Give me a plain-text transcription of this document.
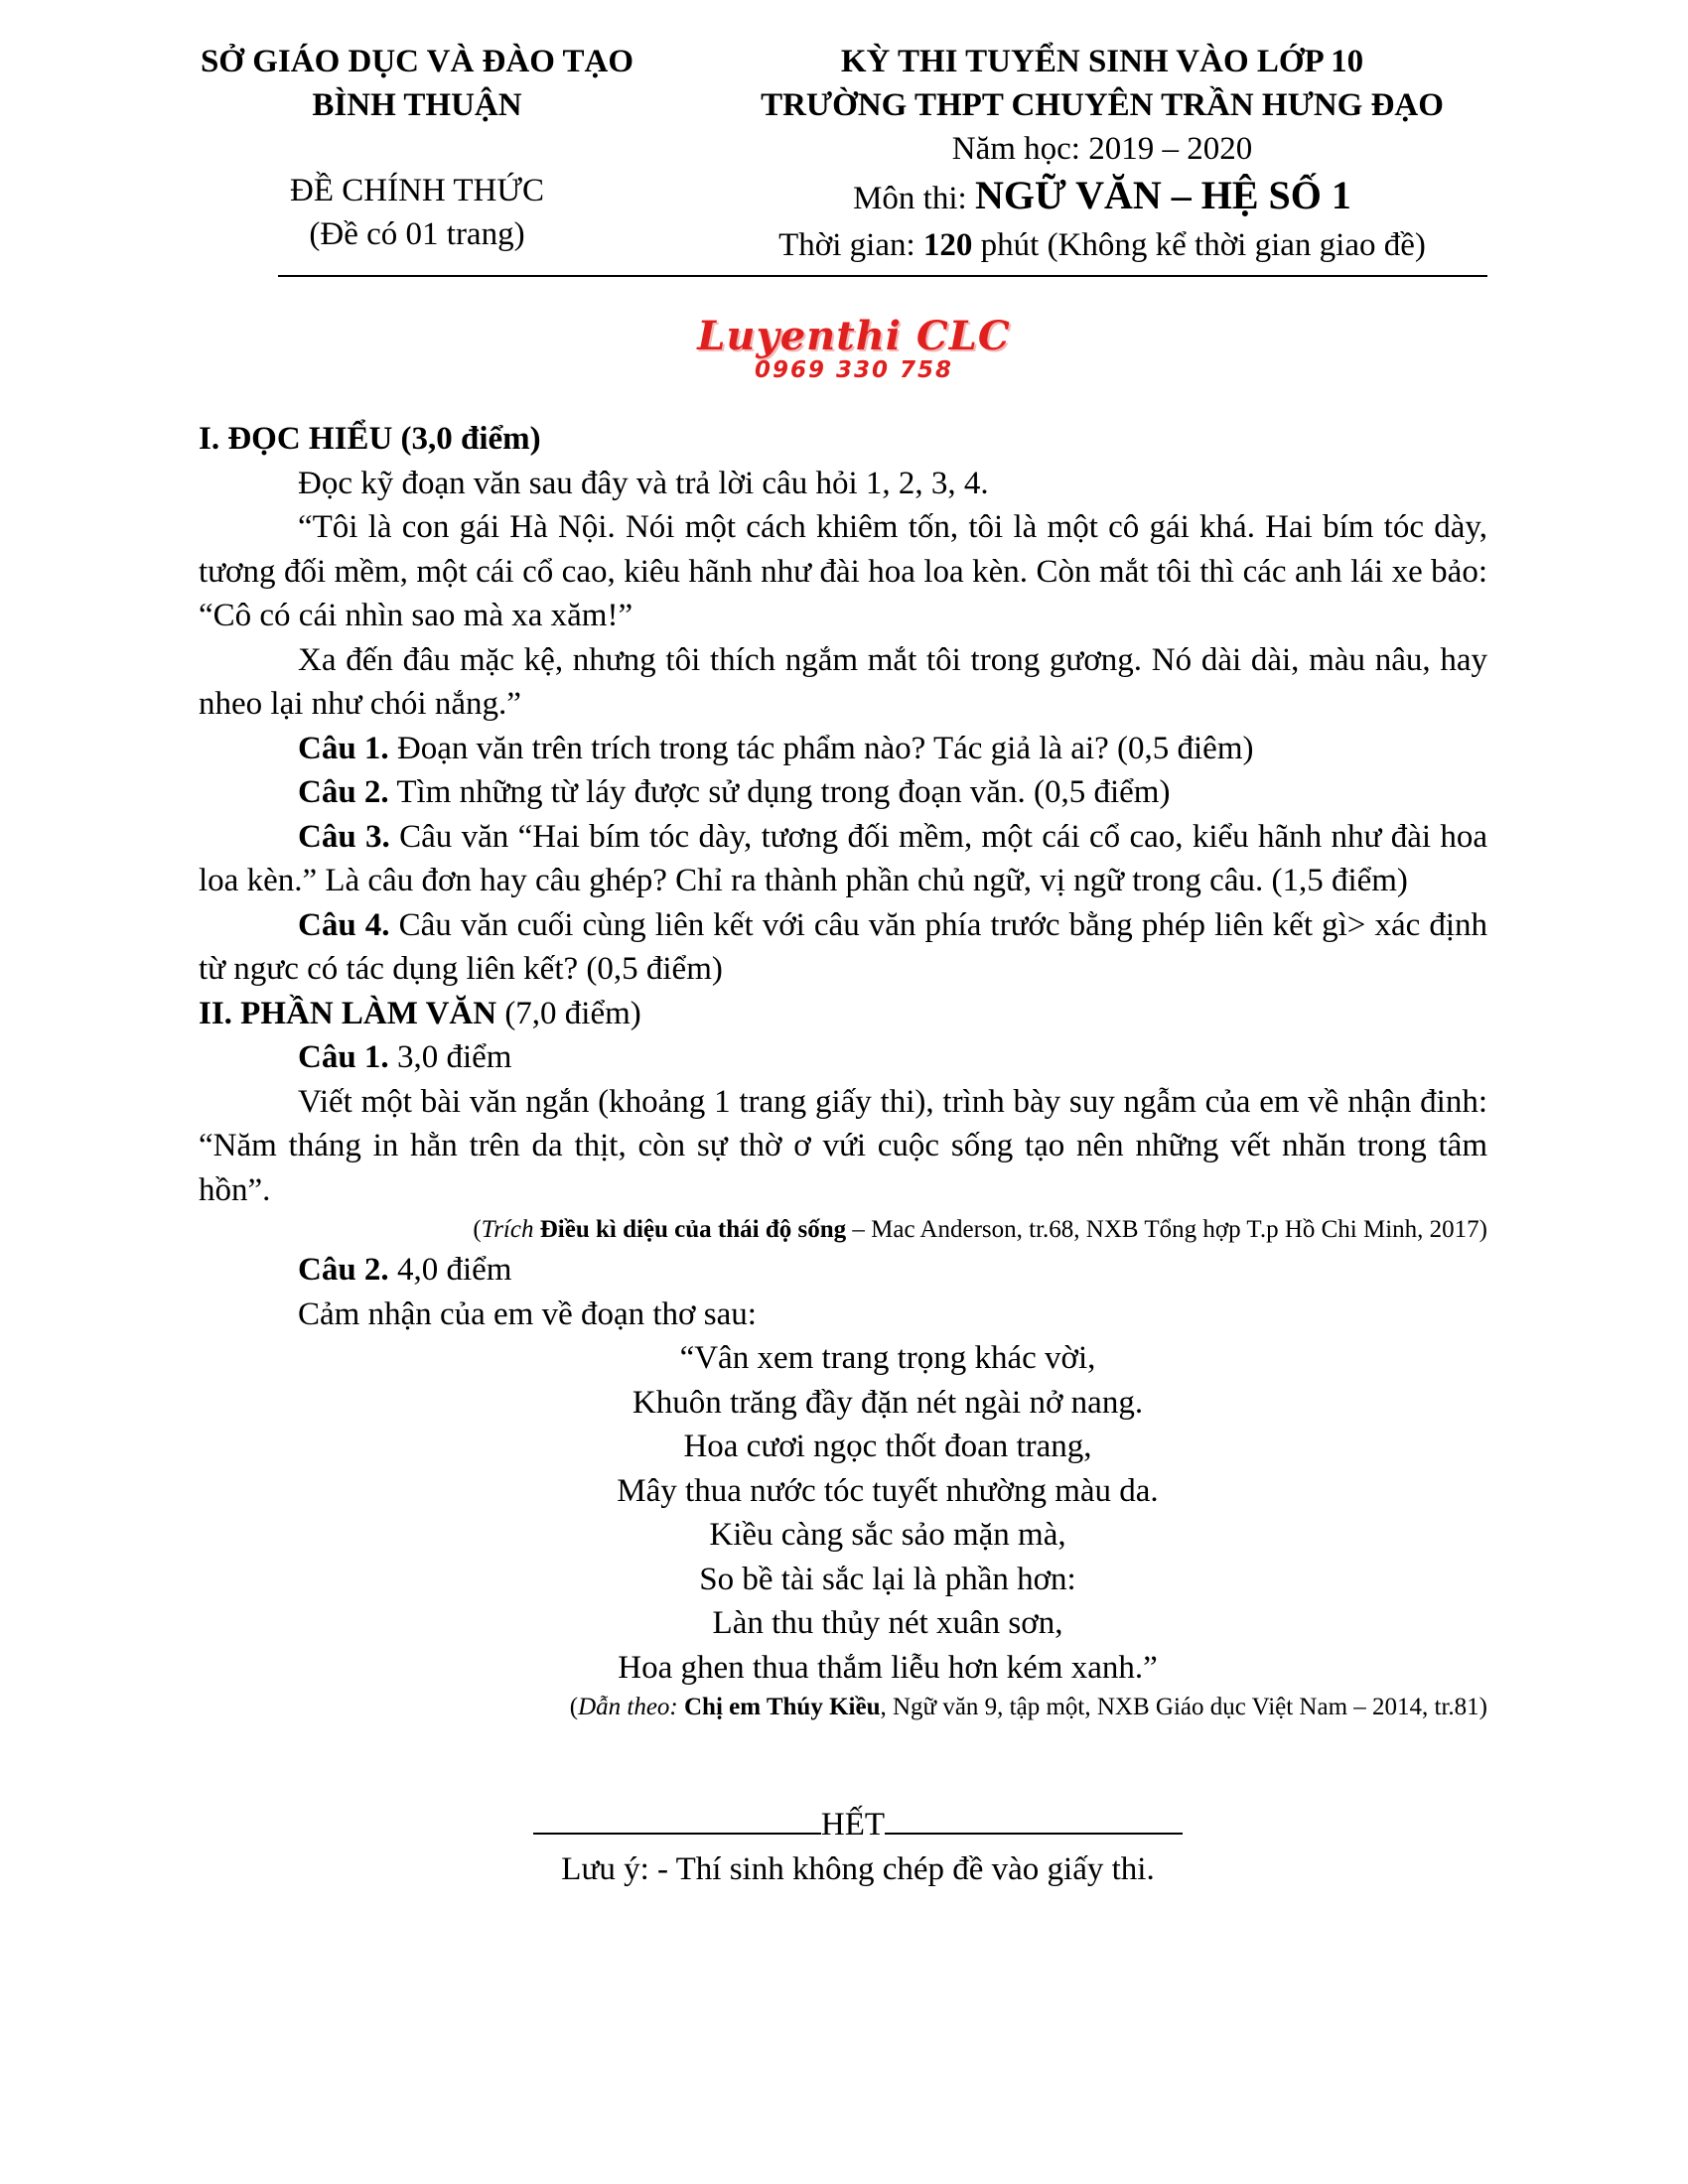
SỞ GIÁO DỤC VÀ ĐÀO TẠO
BÌNH THUẬN
ĐỀ CHÍNH THỨC
(Đề có 01 trang)
KỲ THI TUYỂN SINH VÀO LỚP 10
TRƯỜNG THPT CHUYÊN TRẦN HƯNG ĐẠO
Năm học: 2019 – 2020
Môn thi: NGỮ VĂN – HỆ SỐ 1
Thời gian: 120 phút (Không kể thời gian giao đề)
Luyenthi CLC
0969 330 758

I. ĐỌC HIỂU (3,0 điểm)

Đọc kỹ đoạn văn sau đây và trả lời câu hỏi 1, 2, 3, 4.

“Tôi là con gái Hà Nội. Nói một cách khiêm tốn, tôi là một cô gái khá. Hai bím tóc dày, tương đối mềm, một cái cổ cao, kiêu hãnh như đài hoa loa kèn. Còn mắt tôi thì các anh lái xe bảo: “Cô có cái nhìn sao mà xa xăm!”

Xa đến đâu mặc kệ, nhưng tôi thích ngắm mắt tôi trong gương. Nó dài dài, màu nâu, hay nheo lại như chói nắng.”

Câu 1. Đoạn văn trên trích trong tác phẩm nào? Tác giả là ai? (0,5 điêm)

Câu 2. Tìm những từ láy được sử dụng trong đoạn văn. (0,5 điểm)

Câu 3. Câu văn “Hai bím tóc dày, tương đối mềm, một cái cổ cao, kiểu hãnh như đài hoa loa kèn.” Là câu đơn hay câu ghép? Chỉ ra thành phần chủ ngữ, vị ngữ trong câu. (1,5 điểm)

Câu 4. Câu văn cuối cùng liên kết với câu văn phía trước bằng phép liên kết gì> xác định từ ngưc có tác dụng liên kết? (0,5 điểm)

II. PHẦN LÀM VĂN (7,0 điểm)

Câu 1. 3,0 điểm

Viết một bài văn ngắn (khoảng 1 trang giấy thi), trình bày suy ngẫm của em về nhận đinh: “Năm tháng in hằn trên da thịt, còn sự thờ ơ vứi cuộc sống tạo nên những vết nhăn trong tâm hồn”.

(Trích Điều kì diệu của thái độ sống – Mac Anderson, tr.68, NXB Tổng hợp T.p Hồ Chi Minh, 2017)

Câu 2. 4,0 điểm

Cảm nhận của em về đoạn thơ sau:

“Vân xem trang trọng khác vời,
Khuôn trăng đầy đặn nét ngài nở nang.
Hoa cươi ngọc thốt đoan trang,
Mây thua nước tóc tuyết nhường màu da.
Kiều càng sắc sảo mặn mà,
So bề tài sắc lại là phần hơn:
Làn thu thủy nét xuân sơn,
Hoa ghen thua thắm liễu hơn kém xanh.”

(Dẫn theo: Chị em Thúy Kiều, Ngữ văn 9, tập một, NXB Giáo dục Việt Nam – 2014, tr.81)

HẾT
Lưu ý: - Thí sinh không chép đề vào giấy thi.
